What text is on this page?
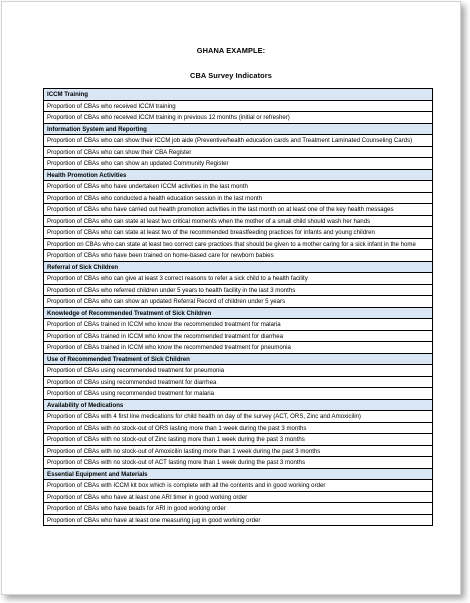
GHANA EXAMPLE:
CBA Survey Indicators
ICCM Training
Proportion of CBAs who received ICCM training
Proportion of CBAs who received ICCM training in previous 12 months (initial or refresher)
Information System and Reporting
Proportion of CBAs who can show their ICCM job aide (Preventive/health education cards and Treatment Laminated Counseling Cards)
Proportion of CBAs who can show their CBA Register
Proportion of CBAs who can show an updated Community Register
Health Promotion Activities
Proportion of CBAs who have undertaken ICCM activities in the last month
Proportion of CBAs who conducted a health education session in the last month
Proportion of CBAs who have carried out health promotion activities in the last month on at least one of the key health messages
Proportion of CBAs who can state at least two critical moments when the mother of a small child should wash her hands
Proportion of CBAs who can state at least two of the recommended breastfeeding practices for infants and young children
Proportion on CBAs who can state at least two correct care practices that should be given to a mother caring for a sick infant in the home
Proportion of CBAs who have been trained on home-based care for newborn babies
Referral of Sick Children
Proportion of CBAs who can give at least 3 correct reasons to refer a sick child to a health facility
Proportion of CBAs who referred children under 5 years to health facility in the last 3 months
Proportion of CBAs who can show an updated Referral Record of children under 5 years
Knowledge of Recommended Treatment of Sick Children
Proportion of CBAs trained in ICCM who know the recommended treatment for malaria
Proportion of CBAs trained in ICCM who know the recommended treatment for diarrhea
Proportion of CBAs trained in ICCM who know the recommended treatment for pneumonia
Use of Recommended Treatment of Sick Children
Proportion of CBAs using recommended treatment for pneumonia
Proportion of CBAs using recommended treatment for diarrhea
Proportion of CBAs using recommended treatment for malaria
Availability of Medications
Proportion of CBAs with 4 first line medications for child health on day of the survey (ACT, ORS, Zinc and Amoxicilin)
Proportion of CBAs with no stock-out of ORS lasting more than 1 week during the past 3 months
Proportion of CBAs with no stock-out of Zinc lasting more than 1 week during the past 3 months
Proportion of CBAs with no stock-out of Amoxicilin lasting more than 1 week during the past 3 months
Proportion of CBAs with no stock-out of ACT lasting more than 1 week during the past 3 months
Essential Equipment and Materials
Proportion of CBAs with ICCM kit box which is complete with all the contents and in good working order
Proportion of CBAs who have at least one ARI timer in good working order
Proportion of CBAs who have beads for ARI in good working order
Proportion of CBAs who have at least one measuring jug in good working order
